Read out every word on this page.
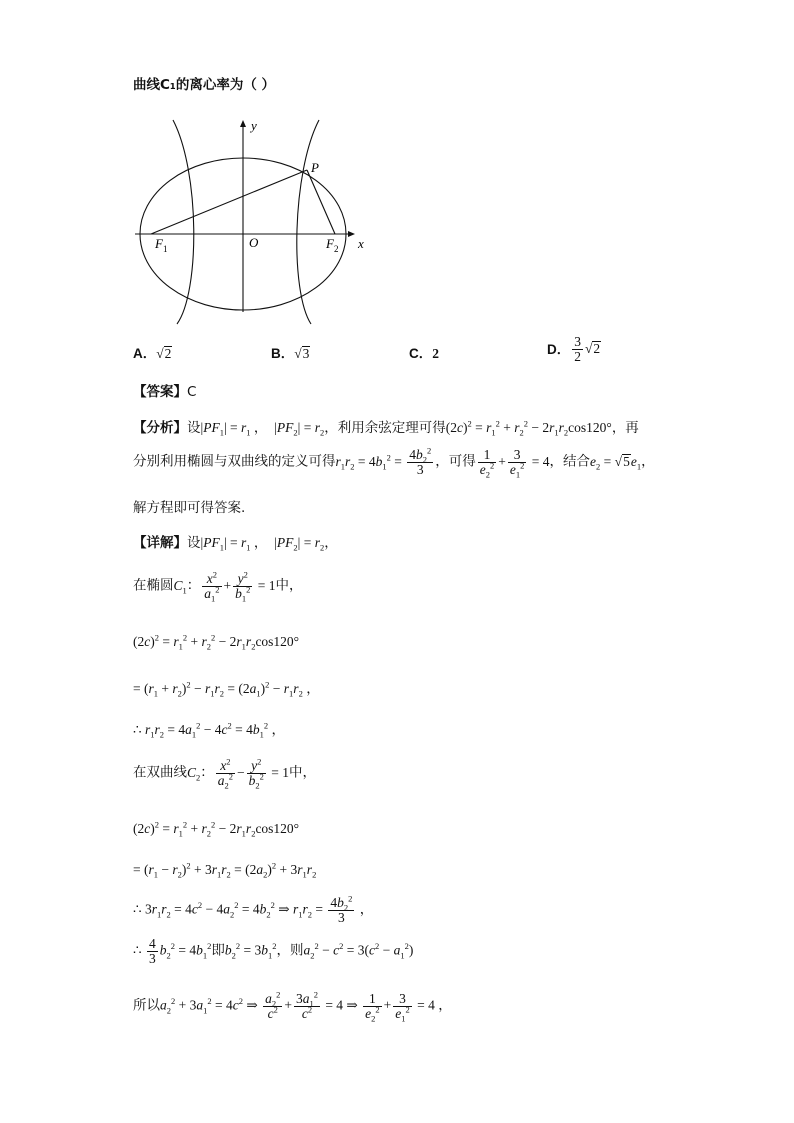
曲线C₁的离心率为（ ）
y
x
P
O
$F_1$	$F_2$
A．√2	B．√3	C．2	D． $\frac{3}{2} √2$
【答案】C
【分析】设$|PF_1| = r_1$ ，  $|PF_2| = r_2$，利用余弦定理可得$(2c)^2 = r_1^2 + r_2^2 - 2r_1r_2\cos 120^\circ$，再
分别利用椭圆与双曲线的定义可得$r_1r_2 = 4b_1^2 = \frac{4b_2^2}{3}$ ，可得 $\frac{1}{e_2^2} + \frac{3}{e_1^2} = 4$，结合$e_2 = √5e_1$，
解方程即可得答案.
【详解】设$|PF_1| = r_1$ ，  $|PF_2| = r_2$，
在椭圆$C_1$： $\frac{x^2}{a_1^2} + \frac{y^2}{b_1^2} = 1$中，
$(2c)^2 = r_1^2 + r_2^2 - 2r_1r_2\cos 120^\circ$
= $(r_1 + r_2)^2 - r_1r_2 = (2a_1)^2 - r_1r_2$ ，
∴ $r_1r_2 = 4a_1^2 - 4c^2 = 4b_1^2$ ，
在双曲线$C_2$： $\frac{x^2}{a_2^2} - \frac{y^2}{b_2^2} = 1$中，
$(2c)^2 = r_1^2 + r_2^2 - 2r_1r_2\cos 120^\circ$
= $(r_1 - r_2)^2 + 3r_1r_2 = (2a_2)^2 + 3r_1r_2$
∴ $3r_1r_2 = 4c^2 - 4a_2^2 = 4b_2^2$ ⇒ $r_1r_2 = \frac{4b_2^2}{3}$ ，
∴ $\frac{4}{3} b_2^2 = 4b_1^2$即$b_2^2 = 3b_1^2$，则$a_2^2 - c^2 = 3(c^2 - a_1^2)$
所以$a_2^2 + 3a_1^2 = 4c^2$ ⇒ $\frac{a_2^2}{c^2} + \frac{3a_1^2}{c^2} = 4$ ⇒ $\frac{1}{e_2^2} + \frac{3}{e_1^2} = 4$ ，
